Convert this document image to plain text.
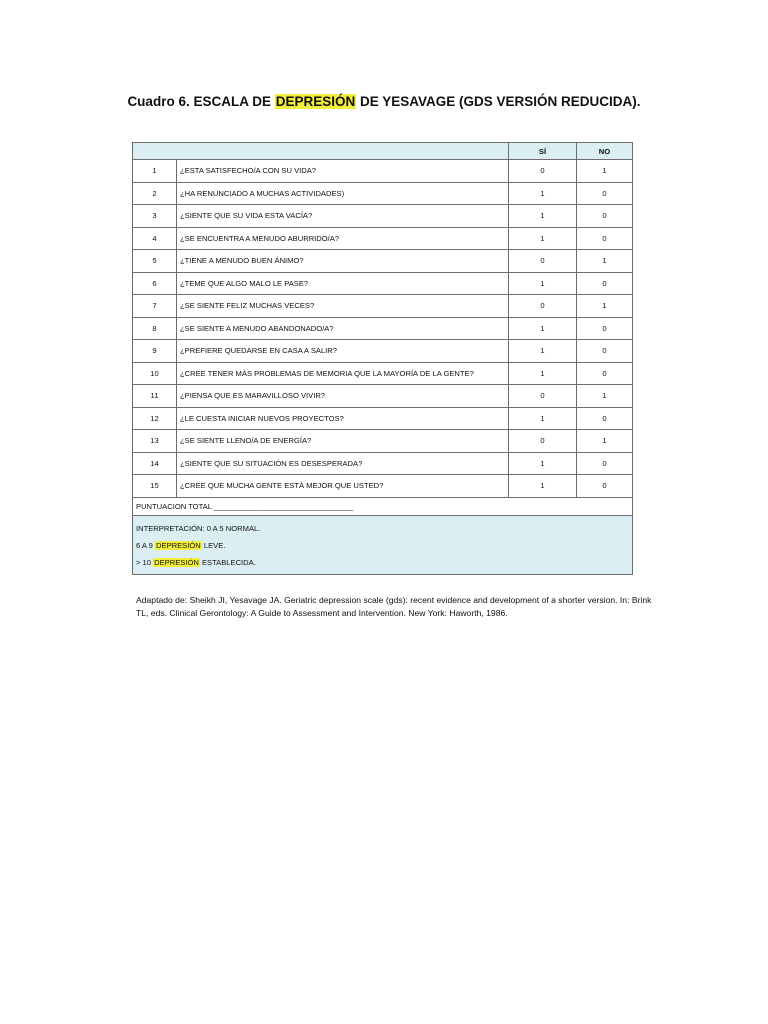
Cuadro 6. ESCALA DE DEPRESIÓN DE YESAVAGE (GDS VERSIÓN REDUCIDA).
		SÍ	NO
1	¿ESTA SATISFECHO/A CON SU VIDA?	0	1
2	¿HA RENUNCIADO A MUCHAS ACTIVIDADES)	1	0
3	¿SIENTE QUE SU VIDA ESTA VACÍA?	1	0
4	¿SE ENCUENTRA A MENUDO ABURRIDO/A?	1	0
5	¿TIENE A MENUDO BUEN ÁNIMO?	0	1
6	¿TEME QUE ALGO MALO LE PASE?	1	0
7	¿SE SIENTE FELIZ MUCHAS VECES?	0	1
8	¿SE SIENTE A MENUDO ABANDONADO/A?	1	0
9	¿PREFIERE QUEDARSE EN CASA A SALIR?	1	0
10	¿CREE TENER MÁS PROBLEMAS DE MEMORIA QUE LA MAYORÍA DE LA GENTE?	1	0
11	¿PIENSA QUE ES MARAVILLOSO VIVIR?	0	1
12	¿LE CUESTA INICIAR NUEVOS PROYECTOS?	1	0
13	¿SE SIENTE LLENO/A DE ENERGÍA?	0	1
14	¿SIENTE QUE SU SITUACIÓN ES DESESPERADA?	1	0
15	¿CREE QUE MUCHA GENTE ESTÁ MEJOR QUE USTED?	1	0
PUNTUACION TOTAL _________________________________			

INTERPRETACIÓN: 0 A 5 NORMAL.
6 A 9 DEPRESIÓN LEVE.
> 10 DEPRESIÓN ESTABLECIDA.			
Adaptado de: Sheikh JI, Yesavage JA. Geriatric depression scale (gds): recent evidence and development of a shorter version. In: Brink TL, eds. Clinical Gerontology: A Guide to Assessment and Intervention. New York: Haworth, 1986.
